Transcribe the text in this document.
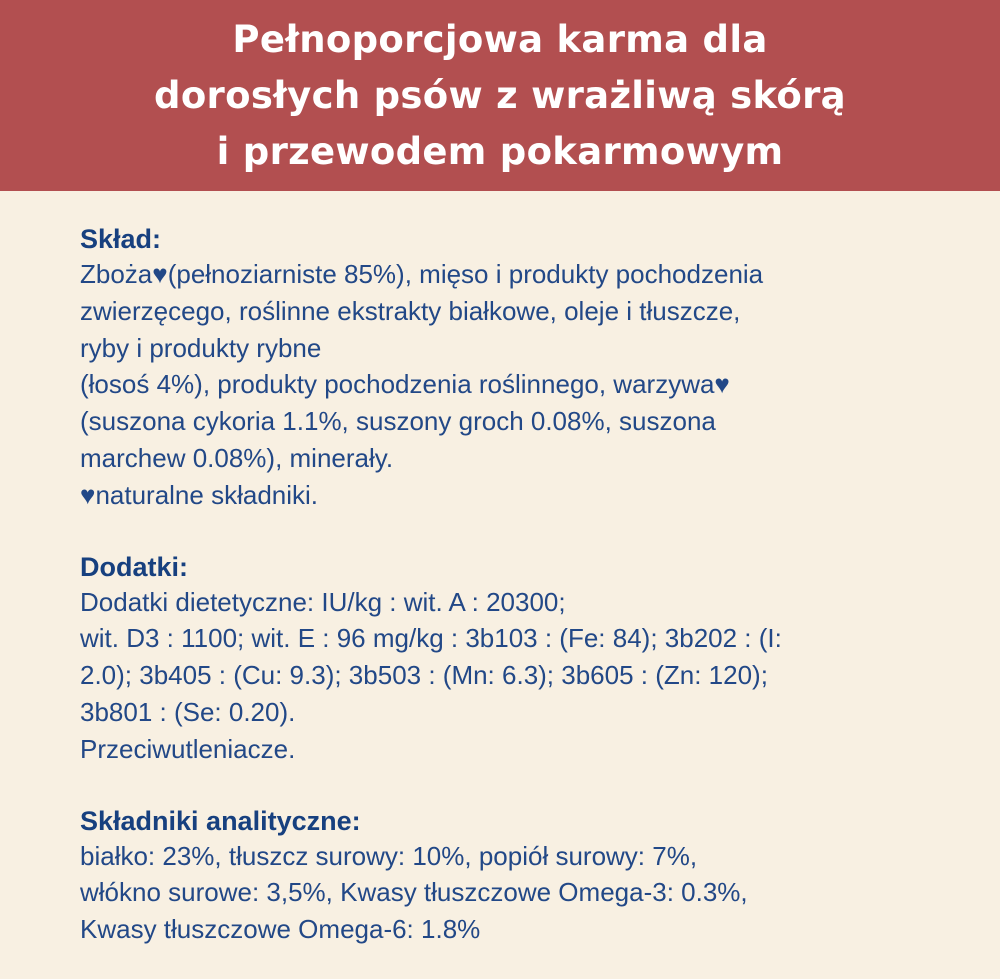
Pełnoporcjowa karma dla
dorosłych psów z wrażliwą skórą
i przewodem pokarmowym
Skład:
Zboża♥(pełnoziarniste 85%), mięso i produkty pochodzenia
zwierzęcego, roślinne ekstrakty białkowe, oleje i tłuszcze,
ryby i produkty rybne
(łosoś 4%), produkty pochodzenia roślinnego, warzywa♥
(suszona cykoria 1.1%, suszony groch 0.08%, suszona
marchew 0.08%), minerały.
♥naturalne składniki.
Dodatki:
Dodatki dietetyczne: IU/kg : wit. A : 20300;
wit. D3 : 1100; wit. E : 96 mg/kg : 3b103 : (Fe: 84); 3b202 : (I:
2.0); 3b405 : (Cu: 9.3); 3b503 : (Mn: 6.3); 3b605 : (Zn: 120);
3b801 : (Se: 0.20).
Przeciwutleniacze.
Składniki analityczne:
białko: 23%, tłuszcz surowy: 10%, popiół surowy: 7%,
włókno surowe: 3,5%, Kwasy tłuszczowe Omega-3: 0.3%,
Kwasy tłuszczowe Omega-6: 1.8%
